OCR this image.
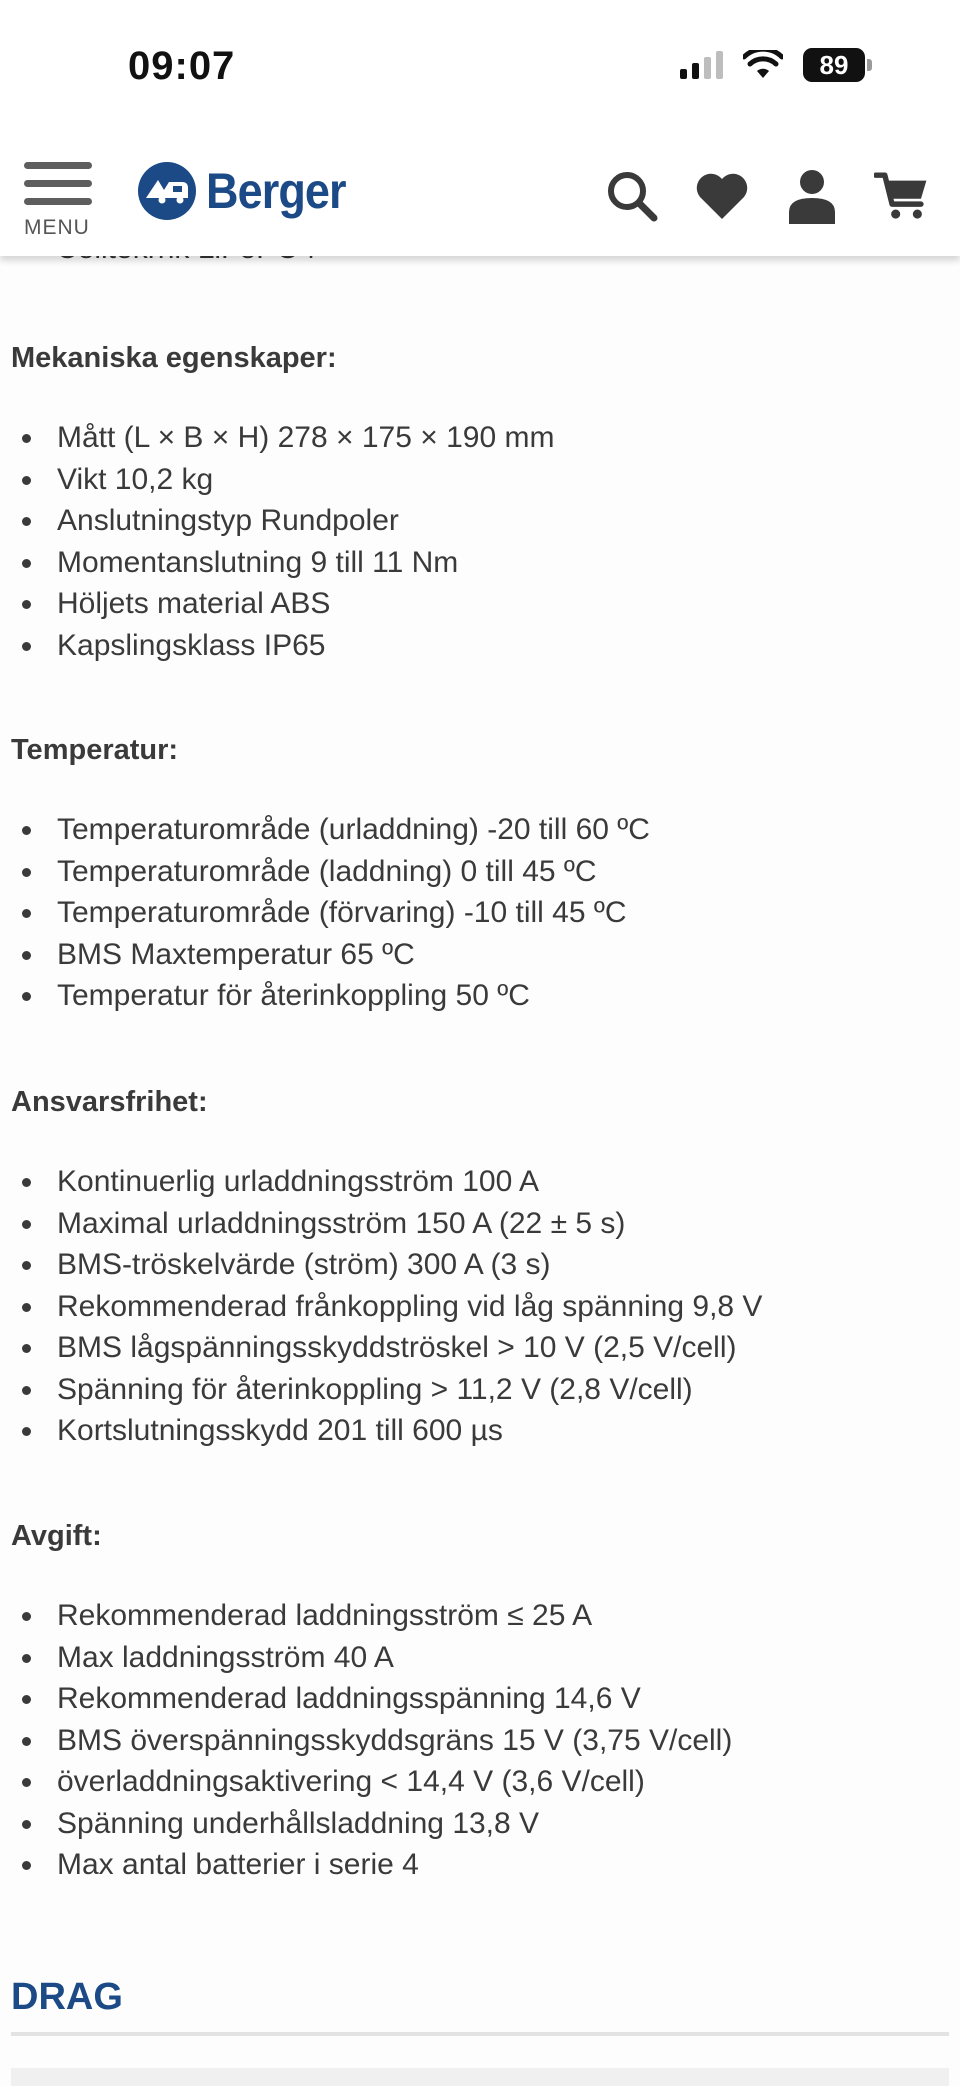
09:07	89
MENU
Berger
Mekaniska egenskaper:
Mått (L × B × H) 278 × 175 × 190 mm
Vikt 10,2 kg
Anslutningstyp Rundpoler
Momentanslutning 9 till 11 Nm
Höljets material ABS
Kapslingsklass IP65
Temperatur:
Temperaturområde (urladdning) -20 till 60 ºC
Temperaturområde (laddning) 0 till 45 ºC
Temperaturområde (förvaring) -10 till 45 ºC
BMS Maxtemperatur 65 ºC
Temperatur för återinkoppling 50 ºC
Ansvarsfrihet:
Kontinuerlig urladdningsström 100 A
Maximal urladdningsström 150 A (22 ± 5 s)
BMS-tröskelvärde (ström) 300 A (3 s)
Rekommenderad frånkoppling vid låg spänning 9,8 V
BMS lågspänningsskyddströskel > 10 V (2,5 V/cell)
Spänning för återinkoppling > 11,2 V (2,8 V/cell)
Kortslutningsskydd 201 till 600 µs
Avgift:
Rekommenderad laddningsström ≤ 25 A
Max laddningsström 40 A
Rekommenderad laddningsspänning 14,6 V
BMS överspänningsskyddsgräns 15 V (3,75 V/cell)
överladdningsaktivering < 14,4 V (3,6 V/cell)
Spänning underhållsladdning 13,8 V
Max antal batterier i serie 4
DRAG
